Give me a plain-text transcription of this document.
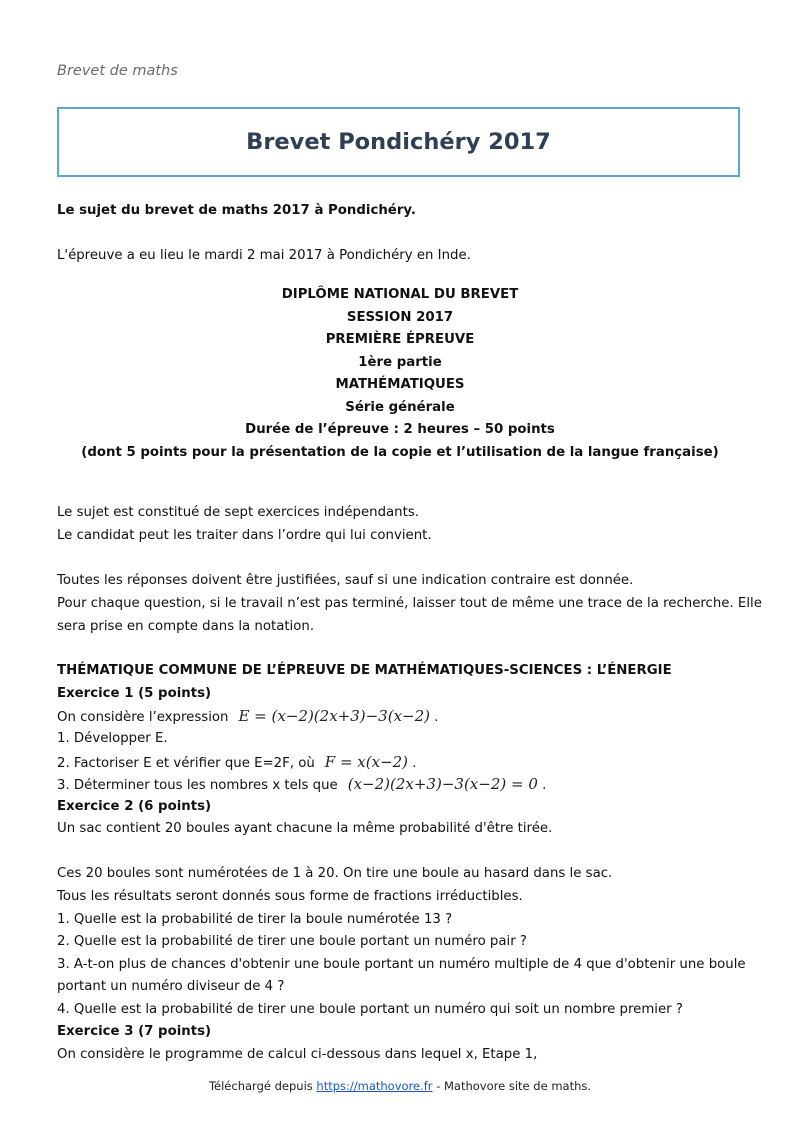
Brevet de maths
Brevet Pondichéry 2017
Le sujet du brevet de maths 2017 à Pondichéry.
L'épreuve a eu lieu le mardi 2 mai 2017 à Pondichéry en Inde.
DIPLÔME NATIONAL DU BREVET
SESSION 2017
PREMIÈRE ÉPREUVE
1ère partie
MATHÉMATIQUES
Série générale
Durée de l’épreuve : 2 heures – 50 points
(dont 5 points pour la présentation de la copie et l’utilisation de la langue française)
Le sujet est constitué de sept exercices indépendants.
Le candidat peut les traiter dans l’ordre qui lui convient.
Toutes les réponses doivent être justifiées, sauf si une indication contraire est donnée.
Pour chaque question, si le travail n’est pas terminé, laisser tout de même une trace de la recherche. Elle
sera prise en compte dans la notation.
THÉMATIQUE COMMUNE DE L’ÉPREUVE DE MATHÉMATIQUES-SCIENCES : L’ÉNERGIE
Exercice 1 (5 points)
On considère l’expression E = (x−2)(2x+3)−3(x−2) .
1. Développer E.
2. Factoriser E et vérifier que E=2F, où F = x(x−2) .
3. Déterminer tous les nombres x tels que (x−2)(2x+3)−3(x−2) = 0 .
Exercice 2 (6 points)
Un sac contient 20 boules ayant chacune la même probabilité d'être tirée.
Ces 20 boules sont numérotées de 1 à 20. On tire une boule au hasard dans le sac.
Tous les résultats seront donnés sous forme de fractions irréductibles.
1. Quelle est la probabilité de tirer la boule numérotée 13 ?
2. Quelle est la probabilité de tirer une boule portant un numéro pair ?
3. A-t-on plus de chances d'obtenir une boule portant un numéro multiple de 4 que d'obtenir une boule
portant un numéro diviseur de 4 ?
4. Quelle est la probabilité de tirer une boule portant un numéro qui soit un nombre premier ?
Exercice 3 (7 points)
On considère le programme de calcul ci-dessous dans lequel x, Etape 1,
Téléchargé depuis https://mathovore.fr - Mathovore site de maths.
